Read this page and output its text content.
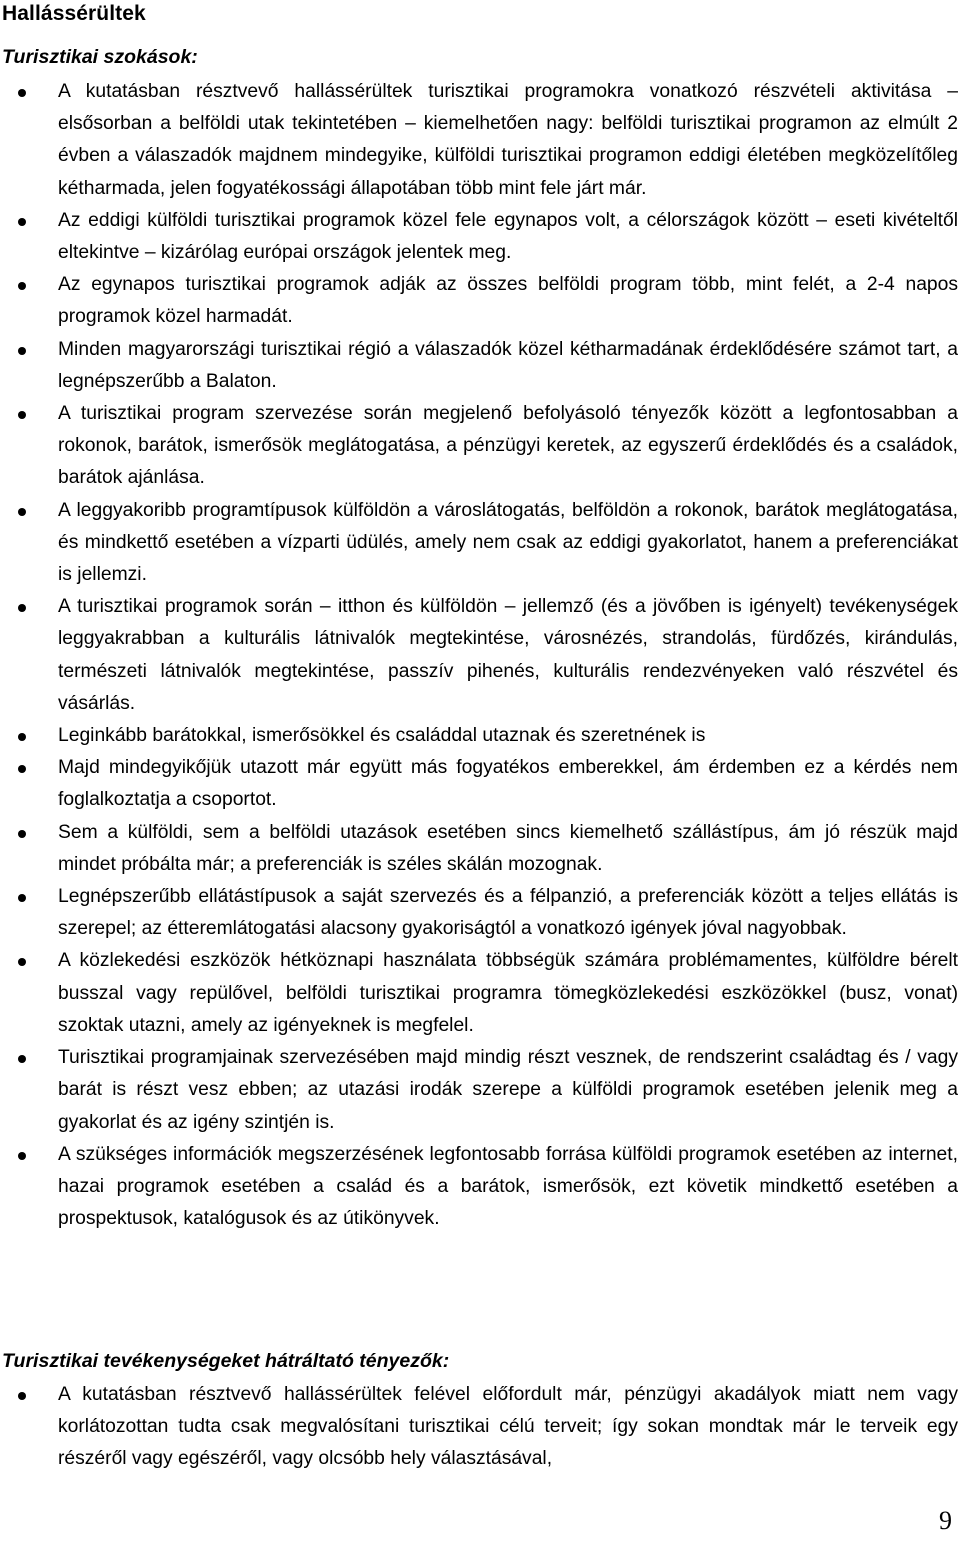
Hallássérültek
Turisztikai szokások:
A kutatásban résztvevő hallássérültek turisztikai programokra vonatkozó részvételi aktivitása – elsősorban a belföldi utak tekintetében – kiemelhetően nagy: belföldi turisztikai programon az elmúlt 2 évben a válaszadók majdnem mindegyike, külföldi turisztikai programon eddigi életében megközelítőleg kétharmada, jelen fogyatékossági állapotában több mint fele járt már.
Az eddigi külföldi turisztikai programok közel fele egynapos volt, a célországok között – eseti kivételtől eltekintve – kizárólag európai országok jelentek meg.
Az egynapos turisztikai programok adják az összes belföldi program több, mint felét, a 2-4 napos programok közel harmadát.
Minden magyarországi turisztikai régió a válaszadók közel kétharmadának érdeklődésére számot tart, a legnépszerűbb a Balaton.
A turisztikai program szervezése során megjelenő befolyásoló tényezők között a legfontosabban a rokonok, barátok, ismerősök meglátogatása, a pénzügyi keretek, az egyszerű érdeklődés és a családok, barátok ajánlása.
A leggyakoribb programtípusok külföldön a városlátogatás, belföldön a rokonok, barátok meglátogatása, és mindkettő esetében a vízparti üdülés, amely nem csak az eddigi gyakorlatot, hanem a preferenciákat is jellemzi.
A turisztikai programok során – itthon és külföldön – jellemző (és a jövőben is igényelt) tevékenységek leggyakrabban a kulturális látnivalók megtekintése, városnézés, strandolás, fürdőzés, kirándulás, természeti látnivalók megtekintése, passzív pihenés, kulturális rendezvényeken való részvétel és vásárlás.
Leginkább barátokkal, ismerősökkel és családdal utaznak és szeretnének is
Majd mindegyikőjük utazott már együtt más fogyatékos emberekkel, ám érdemben ez a kérdés nem foglalkoztatja a csoportot.
Sem a külföldi, sem a belföldi utazások esetében sincs kiemelhető szállástípus, ám jó részük majd mindet próbálta már; a preferenciák is széles skálán mozognak.
Legnépszerűbb ellátástípusok a saját szervezés és a félpanzió, a preferenciák között a teljes ellátás is szerepel; az étteremlátogatási alacsony gyakoriságtól a vonatkozó igények jóval nagyobbak.
A közlekedési eszközök hétköznapi használata többségük számára problémamentes, külföldre bérelt busszal vagy repülővel, belföldi turisztikai programra tömegközlekedési eszközökkel (busz, vonat) szoktak utazni, amely az igényeknek is megfelel.
Turisztikai programjainak szervezésében majd mindig részt vesznek, de rendszerint családtag és / vagy barát is részt vesz ebben; az utazási irodák szerepe a külföldi programok esetében jelenik meg a gyakorlat és az igény szintjén is.
A szükséges információk megszerzésének legfontosabb forrása külföldi programok esetében az internet, hazai programok esetében a család és a barátok, ismerősök, ezt követik mindkettő esetében a prospektusok, katalógusok és az útikönyvek.
Turisztikai tevékenységeket hátráltató tényezők:
A kutatásban résztvevő hallássérültek felével előfordult már, pénzügyi akadályok miatt nem vagy korlátozottan tudta csak megvalósítani turisztikai célú terveit; így sokan mondtak már le terveik egy részéről vagy egészéről, vagy olcsóbb hely választásával,
9
